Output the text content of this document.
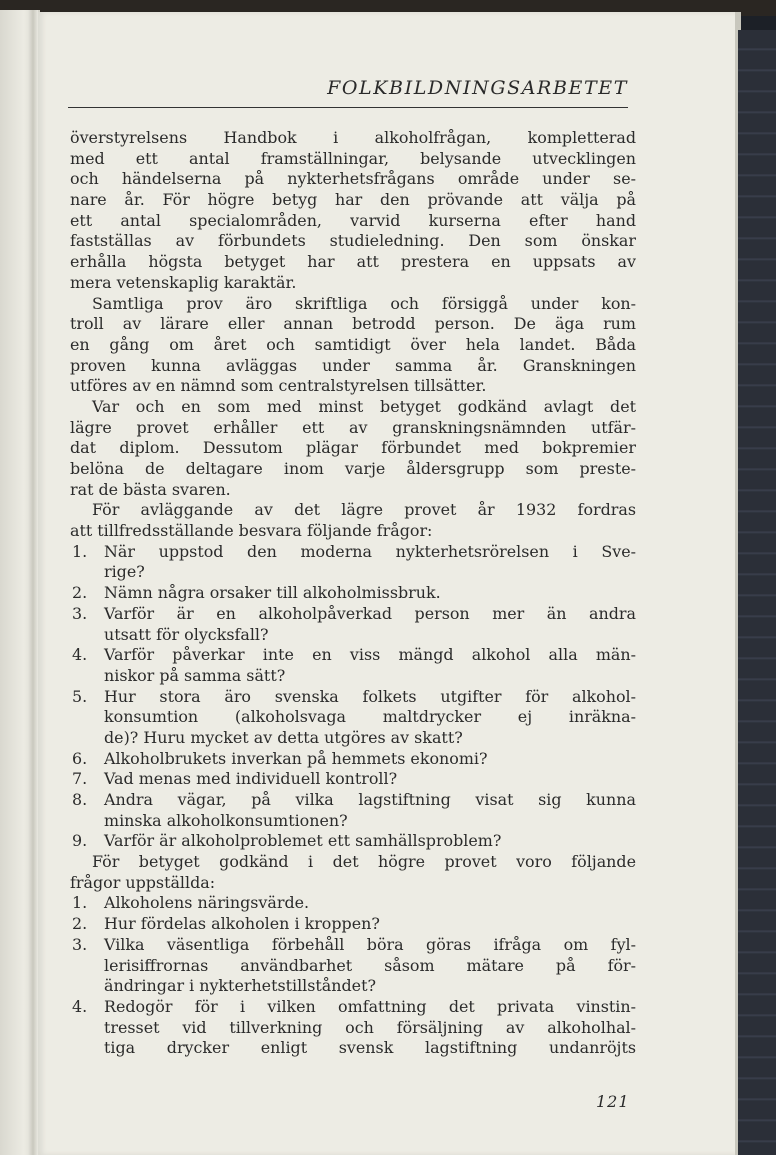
FOLKBILDNINGSARBETET
överstyrelsens Handbok i alkoholfrågan, kompletterad
med ett antal framställningar, belysande utvecklingen
och händelserna på nykterhetsfrågans område under se-
nare år. För högre betyg har den prövande att välja på
ett antal specialområden, varvid kurserna efter hand
fastställas av förbundets studieledning. Den som önskar
erhålla högsta betyget har att prestera en uppsats av
mera vetenskaplig karaktär.
Samtliga prov äro skriftliga och försiggå under kon-
troll av lärare eller annan betrodd person. De äga rum
en gång om året och samtidigt över hela landet. Båda
proven kunna avläggas under samma år. Granskningen
utföres av en nämnd som centralstyrelsen tillsätter.
Var och en som med minst betyget godkänd avlagt det
lägre provet erhåller ett av granskningsnämnden utfär-
dat diplom. Dessutom plägar förbundet med bokpremier
belöna de deltagare inom varje åldersgrupp som preste-
rat de bästa svaren.
För avläggande av det lägre provet år 1932 fordras
att tillfredsställande besvara följande frågor:
1. När uppstod den moderna nykterhetsrörelsen i Sve-
rige?
2. Nämn några orsaker till alkoholmissbruk.
3. Varför är en alkoholpåverkad person mer än andra
utsatt för olycksfall?
4. Varför påverkar inte en viss mängd alkohol alla män-
niskor på samma sätt?
5. Hur stora äro svenska folkets utgifter för alkohol-
konsumtion (alkoholsvaga maltdrycker ej inräkna-
de)? Huru mycket av detta utgöres av skatt?
6. Alkoholbrukets inverkan på hemmets ekonomi?
7. Vad menas med individuell kontroll?
8. Andra vägar, på vilka lagstiftning visat sig kunna
minska alkoholkonsumtionen?
9. Varför är alkoholproblemet ett samhällsproblem?
För betyget godkänd i det högre provet voro följande
frågor uppställda:
1. Alkoholens näringsvärde.
2. Hur fördelas alkoholen i kroppen?
3. Vilka väsentliga förbehåll böra göras ifråga om fyl-
lerisiffrornas användbarhet såsom mätare på för-
ändringar i nykterhetstillståndet?
4. Redogör för i vilken omfattning det privata vinstin-
tresset vid tillverkning och försäljning av alkoholhal-
tiga drycker enligt svensk lagstiftning undanröjts
121
